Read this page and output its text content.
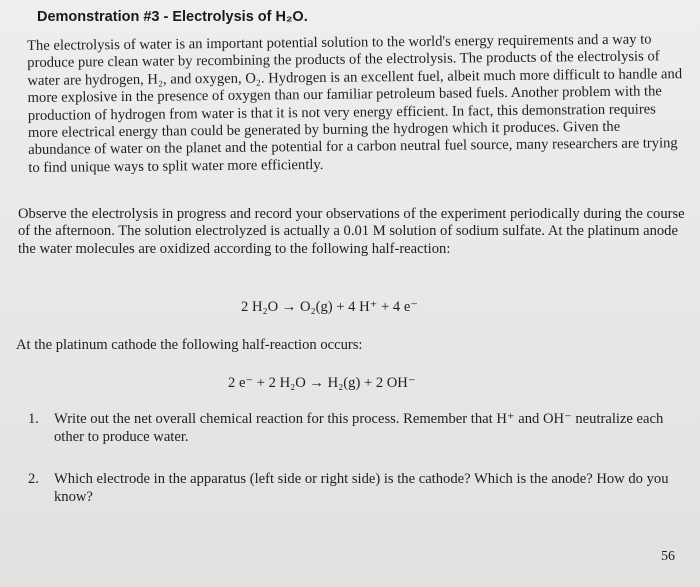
Demonstration #3 - Electrolysis of H₂O.

The electrolysis of water is an important potential solution to the world's energy requirements and a way to produce pure clean water by recombining the products of the electrolysis. The products of the electrolysis of water are hydrogen, H₂, and oxygen, O₂. Hydrogen is an excellent fuel, albeit much more difficult to handle and more explosive in the presence of oxygen than our familiar petroleum based fuels. Another problem with the production of hydrogen from water is that it is not very energy efficient. In fact, this demonstration requires more electrical energy than could be generated by burning the hydrogen which it produces. Given the abundance of water on the planet and the potential for a carbon neutral fuel source, many researchers are trying to find unique ways to split water more efficiently.

Observe the electrolysis in progress and record your observations of the experiment periodically during the course of the afternoon. The solution electrolyzed is actually a 0.01 M solution of sodium sulfate. At the platinum anode the water molecules are oxidized according to the following half-reaction:

2 H₂O → O₂(g) + 4 H⁺ + 4 e⁻
At the platinum cathode the following half-reaction occurs:
2 e⁻ + 2 H₂O → H₂(g) + 2 OH⁻
1. Write out the net overall chemical reaction for this process. Remember that H⁺ and OH⁻ neutralize each other to produce water.
2. Which electrode in the apparatus (left side or right side) is the cathode? Which is the anode? How do you know?
56
